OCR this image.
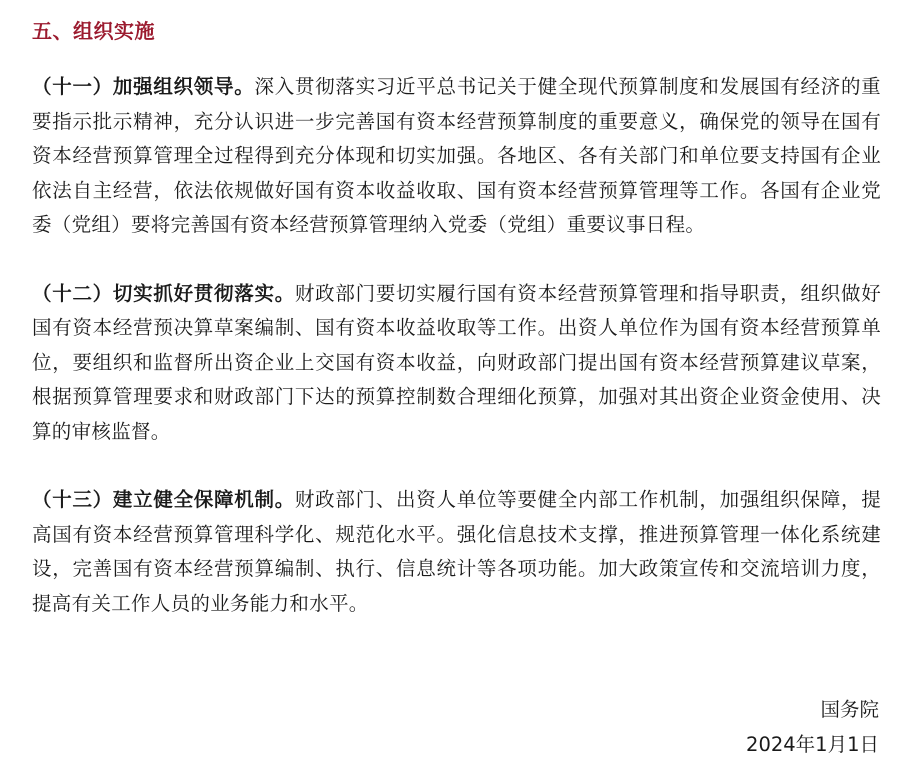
五、组织实施

（十一）加强组织领导。深入贯彻落实习近平总书记关于健全现代预算制度和发展国有经济的重要指示批示精神，充分认识进一步完善国有资本经营预算制度的重要意义，确保党的领导在国有资本经营预算管理全过程得到充分体现和切实加强。各地区、各有关部门和单位要支持国有企业依法自主经营，依法依规做好国有资本收益收取、国有资本经营预算管理等工作。各国有企业党委（党组）要将完善国有资本经营预算管理纳入党委（党组）重要议事日程。

（十二）切实抓好贯彻落实。财政部门要切实履行国有资本经营预算管理和指导职责，组织做好国有资本经营预决算草案编制、国有资本收益收取等工作。出资人单位作为国有资本经营预算单位，要组织和监督所出资企业上交国有资本收益，向财政部门提出国有资本经营预算建议草案，根据预算管理要求和财政部门下达的预算控制数合理细化预算，加强对其出资企业资金使用、决算的审核监督。

（十三）建立健全保障机制。财政部门、出资人单位等要健全内部工作机制，加强组织保障，提高国有资本经营预算管理科学化、规范化水平。强化信息技术支撑，推进预算管理一体化系统建设，完善国有资本经营预算编制、执行、信息统计等各项功能。加大政策宣传和交流培训力度，提高有关工作人员的业务能力和水平。

国务院
2024年1月1日
